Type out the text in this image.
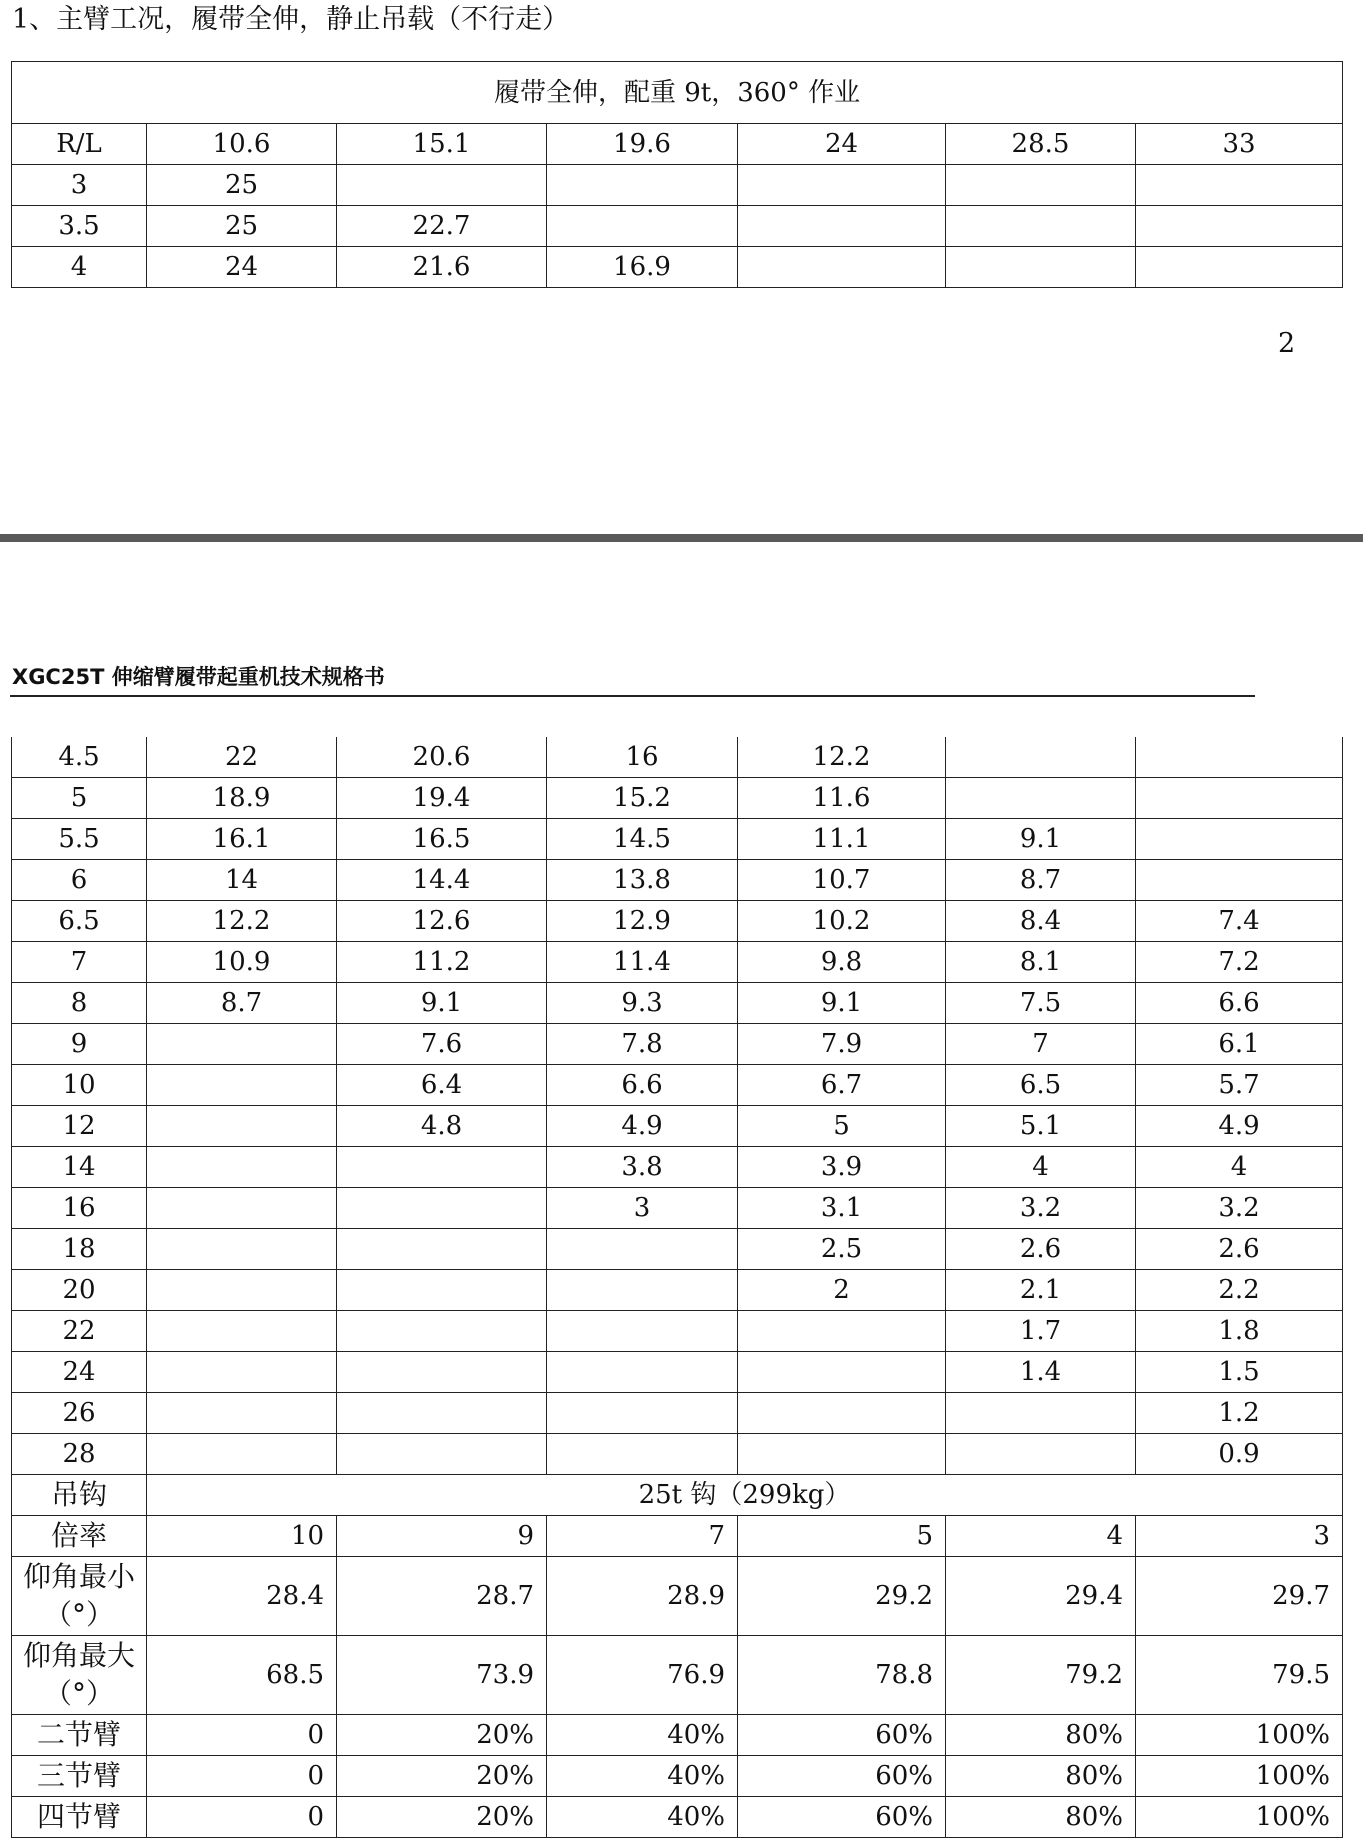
1、主臂工况，履带全伸，静止吊载（不行走）
履带全伸，配重 9t，360° 作业						
R/L	10.6	15.1	19.6	24	28.5	33
3	25					
3.5	25	22.7				
4	24	21.6	16.9			
2
XGC25T 伸缩臂履带起重机技术规格书
4.5	22	20.6	16	12.2		
5	18.9	19.4	15.2	11.6		
5.5	16.1	16.5	14.5	11.1	9.1	
6	14	14.4	13.8	10.7	8.7	
6.5	12.2	12.6	12.9	10.2	8.4	7.4
7	10.9	11.2	11.4	9.8	8.1	7.2
8	8.7	9.1	9.3	9.1	7.5	6.6
9		7.6	7.8	7.9	7	6.1
10		6.4	6.6	6.7	6.5	5.7
12		4.8	4.9	5	5.1	4.9
14			3.8	3.9	4	4
16			3	3.1	3.2	3.2
18				2.5	2.6	2.6
20				2	2.1	2.2
22					1.7	1.8
24					1.4	1.5
26						1.2
28						0.9
吊钩	25t 钩（299kg）					
倍率	10	9	7	5	4	3
仰角最小（°）	28.4	28.7	28.9	29.2	29.4	29.7
仰角最大（°）	68.5	73.9	76.9	78.8	79.2	79.5
二节臂	0	20%	40%	60%	80%	100%
三节臂	0	20%	40%	60%	80%	100%
四节臂	0	20%	40%	60%	80%	100%
